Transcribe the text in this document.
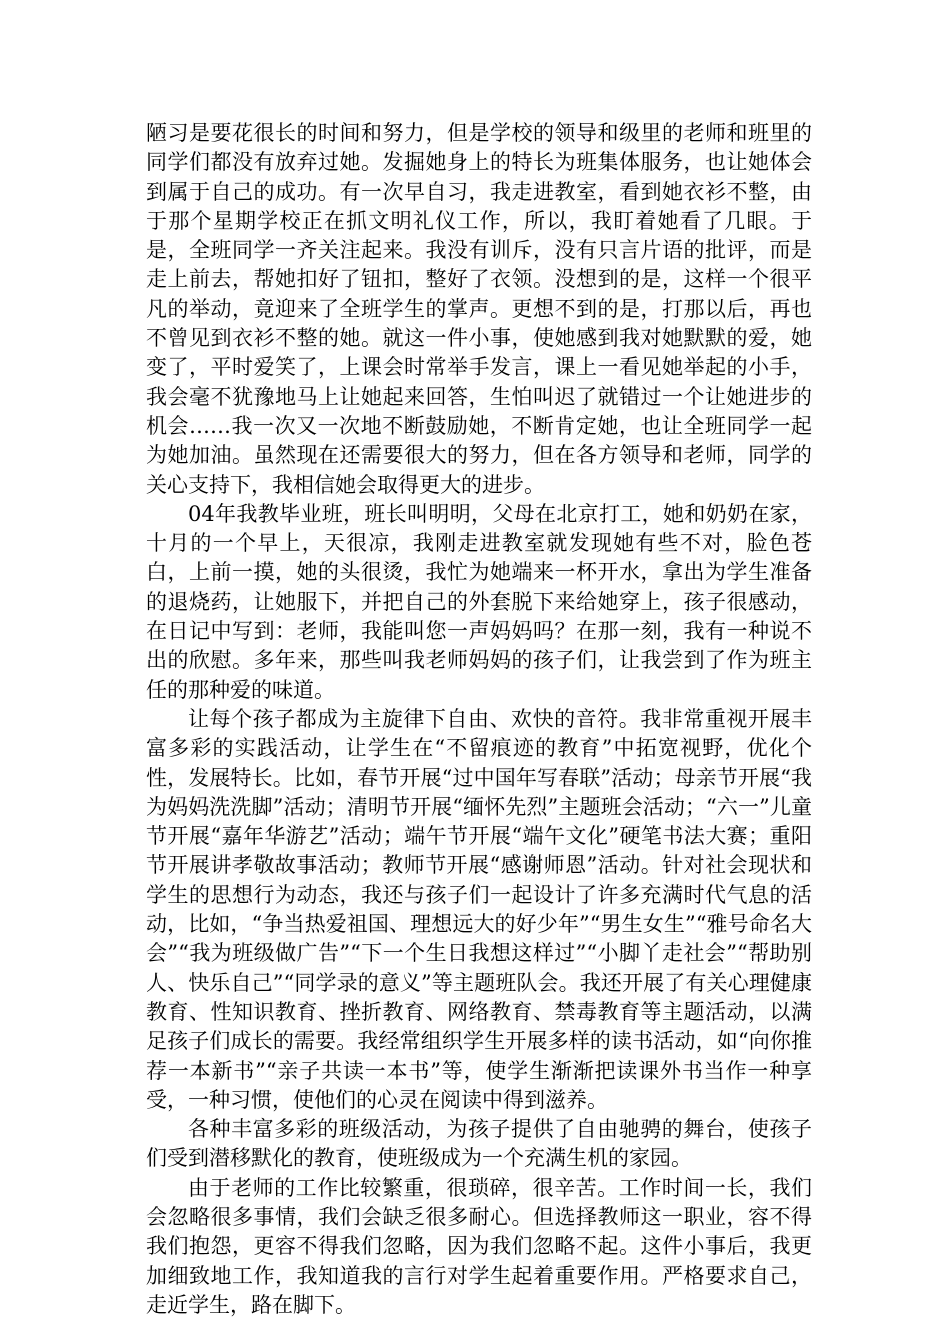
陋习是要花很长的时间和努力，但是学校的领导和级里的老师和班里的同学们都没有放弃过她。发掘她身上的特长为班集体服务，也让她体会到属于自己的成功。有一次早自习，我走进教室，看到她衣衫不整，由于那个星期学校正在抓文明礼仪工作，所以，我盯着她看了几眼。于是，全班同学一齐关注起来。我没有训斥，没有只言片语的批评，而是走上前去，帮她扣好了钮扣，整好了衣领。没想到的是，这样一个很平凡的举动，竟迎来了全班学生的掌声。更想不到的是，打那以后，再也不曾见到衣衫不整的她。就这一件小事，使她感到我对她默默的爱，她变了，平时爱笑了，上课会时常举手发言，课上一看见她举起的小手，我会毫不犹豫地马上让她起来回答，生怕叫迟了就错过一个让她进步的机会……我一次又一次地不断鼓励她，不断肯定她，也让全班同学一起为她加油。虽然现在还需要很大的努力，但在各方领导和老师，同学的关心支持下，我相信她会取得更大的进步。

04年我教毕业班，班长叫明明，父母在北京打工，她和奶奶在家，十月的一个早上，天很凉，我刚走进教室就发现她有些不对，脸色苍白，上前一摸，她的头很烫，我忙为她端来一杯开水，拿出为学生准备的退烧药，让她服下，并把自己的外套脱下来给她穿上，孩子很感动，在日记中写到：老师，我能叫您一声妈妈吗？在那一刻，我有一种说不出的欣慰。多年来，那些叫我老师妈妈的孩子们，让我尝到了作为班主任的那种爱的味道。

让每个孩子都成为主旋律下自由、欢快的音符。我非常重视开展丰富多彩的实践活动，让学生在“不留痕迹的教育”中拓宽视野，优化个性，发展特长。比如，春节开展“过中国年写春联”活动；母亲节开展“我为妈妈洗洗脚”活动；清明节开展“缅怀先烈”主题班会活动；“六一”儿童节开展“嘉年华游艺”活动；端午节开展“端午文化”硬笔书法大赛；重阳节开展讲孝敬故事活动；教师节开展“感谢师恩”活动。针对社会现状和学生的思想行为动态，我还与孩子们一起设计了许多充满时代气息的活动，比如，“争当热爱祖国、理想远大的好少年”“男生女生”“雅号命名大会”“我为班级做广告”“下一个生日我想这样过”“小脚丫走社会”“帮助别人、快乐自己”“同学录的意义”等主题班队会。我还开展了有关心理健康教育、性知识教育、挫折教育、网络教育、禁毒教育等主题活动，以满足孩子们成长的需要。我经常组织学生开展多样的读书活动，如“向你推荐一本新书”“亲子共读一本书”等，使学生渐渐把读课外书当作一种享受，一种习惯，使他们的心灵在阅读中得到滋养。

各种丰富多彩的班级活动，为孩子提供了自由驰骋的舞台，使孩子们受到潜移默化的教育，使班级成为一个充满生机的家园。

由于老师的工作比较繁重，很琐碎，很辛苦。工作时间一长，我们会忽略很多事情，我们会缺乏很多耐心。但选择教师这一职业，容不得我们抱怨，更容不得我们忽略，因为我们忽略不起。这件小事后，我更加细致地工作，我知道我的言行对学生起着重要作用。严格要求自己，走近学生，路在脚下。
